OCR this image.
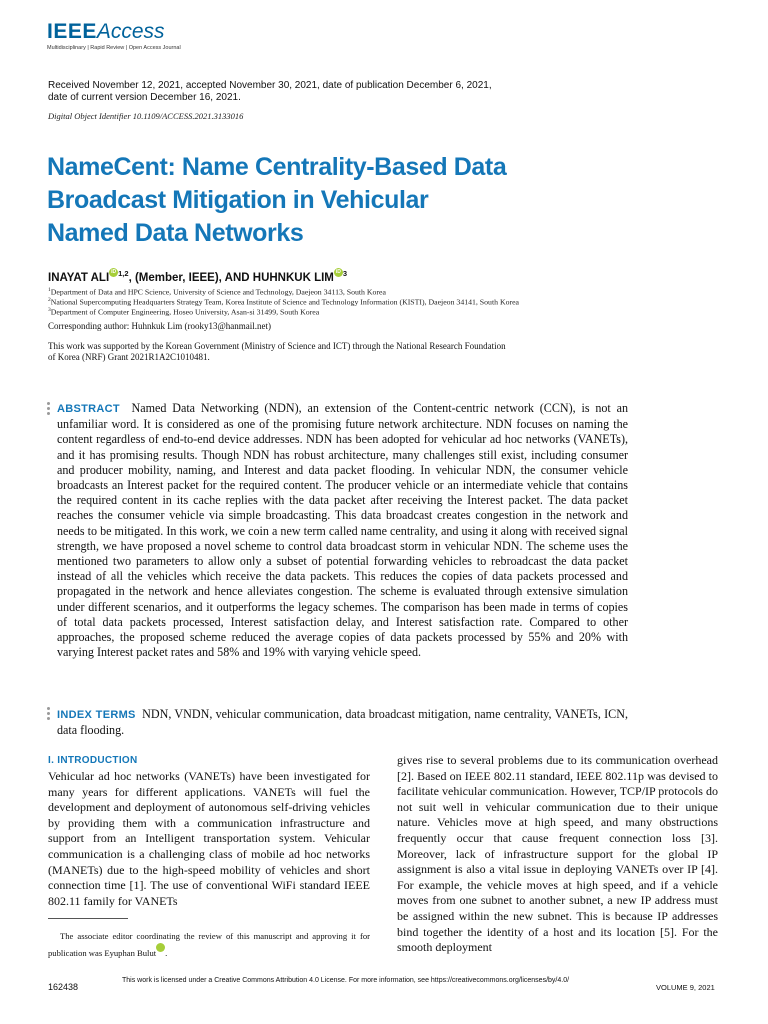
IEEEAccess
Multidisciplinary | Rapid Review | Open Access Journal
Received November 12, 2021, accepted November 30, 2021, date of publication December 6, 2021,
date of current version December 16, 2021.
Digital Object Identifier 10.1109/ACCESS.2021.3133016
NameCent: Name Centrality-Based Data
Broadcast Mitigation in Vehicular
Named Data Networks
INAYAT ALI iD $^{1,2}$, (Member, IEEE), AND HUHNKUK LIM iD $^3$
$^1$Department of Data and HPC Science, University of Science and Technology, Daejeon 34113, South Korea
$^2$National Supercomputing Headquarters Strategy Team, Korea Institute of Science and Technology Information (KISTI), Daejeon 34141, South Korea
$^3$Department of Computer Engineering, Hoseo University, Asan-si 31499, South Korea
Corresponding author: Huhnkuk Lim (rooky13@hanmail.net)
This work was supported by the Korean Government (Ministry of Science and ICT) through the National Research Foundation
of Korea (NRF) Grant 2021R1A2C1010481.
ABSTRACT Named Data Networking (NDN), an extension of the Content-centric network (CCN), is not an unfamiliar word. It is considered as one of the promising future network architecture. NDN focuses on naming the content regardless of end-to-end device addresses. NDN has been adopted for vehicular ad hoc networks (VANETs), and it has promising results. Though NDN has robust architecture, many challenges still exist, including consumer and producer mobility, naming, and Interest and data packet flooding. In vehicular NDN, the consumer vehicle broadcasts an Interest packet for the required content. The producer vehicle or an intermediate vehicle that contains the required content in its cache replies with the data packet after receiving the Interest packet. The data packet reaches the consumer vehicle via simple broadcasting. This data broadcast creates congestion in the network and needs to be mitigated. In this work, we coin a new term called name centrality, and using it along with received signal strength, we have proposed a novel scheme to control data broadcast storm in vehicular NDN. The scheme uses the mentioned two parameters to allow only a subset of potential forwarding vehicles to rebroadcast the data packet instead of all the vehicles which receive the data packets. This reduces the copies of data packets processed and propagated in the network and hence alleviates congestion. The scheme is evaluated through extensive simulation under different scenarios, and it outperforms the legacy schemes. The comparison has been made in terms of copies of total data packets processed, Interest satisfaction delay, and Interest satisfaction rate. Compared to other approaches, the proposed scheme reduced the average copies of data packets processed by 55% and 20% with varying Interest packet rates and 58% and 19% with varying vehicle speed.
INDEX TERMS NDN, VNDN, vehicular communication, data broadcast mitigation, name centrality, VANETs, ICN, data flooding.
I. INTRODUCTION
Vehicular ad hoc networks (VANETs) have been investigated for many years for different applications. VANETs will fuel the development and deployment of autonomous self-driving vehicles by providing them with a communication infrastructure and support from an Intelligent transportation system. Vehicular communication is a challenging class of mobile ad hoc networks (MANETs) due to the high-speed mobility of vehicles and short connection time [1]. The use of conventional WiFi standard IEEE 802.11 family for VANETs
gives rise to several problems due to its communication overhead [2]. Based on IEEE 802.11 standard, IEEE 802.11p was devised to facilitate vehicular communication. However, TCP/IP protocols do not suit well in vehicular communication due to their unique nature. Vehicles move at high speed, and many obstructions frequently occur that cause frequent connection loss [3]. Moreover, lack of infrastructure support for the global IP assignment is also a vital issue in deploying VANETs over IP [4]. For example, the vehicle moves at high speed, and if a vehicle moves from one subnet to another subnet, a new IP address must be assigned within the new subnet. This is because IP addresses bind together the identity of a host and its location [5]. For the smooth deployment
The associate editor coordinating the review of this manuscript and approving it for publication was Eyuphan BulutiD .
162438
This work is licensed under a Creative Commons Attribution 4.0 License. For more information, see https://creativecommons.org/licenses/by/4.0/
VOLUME 9, 2021
